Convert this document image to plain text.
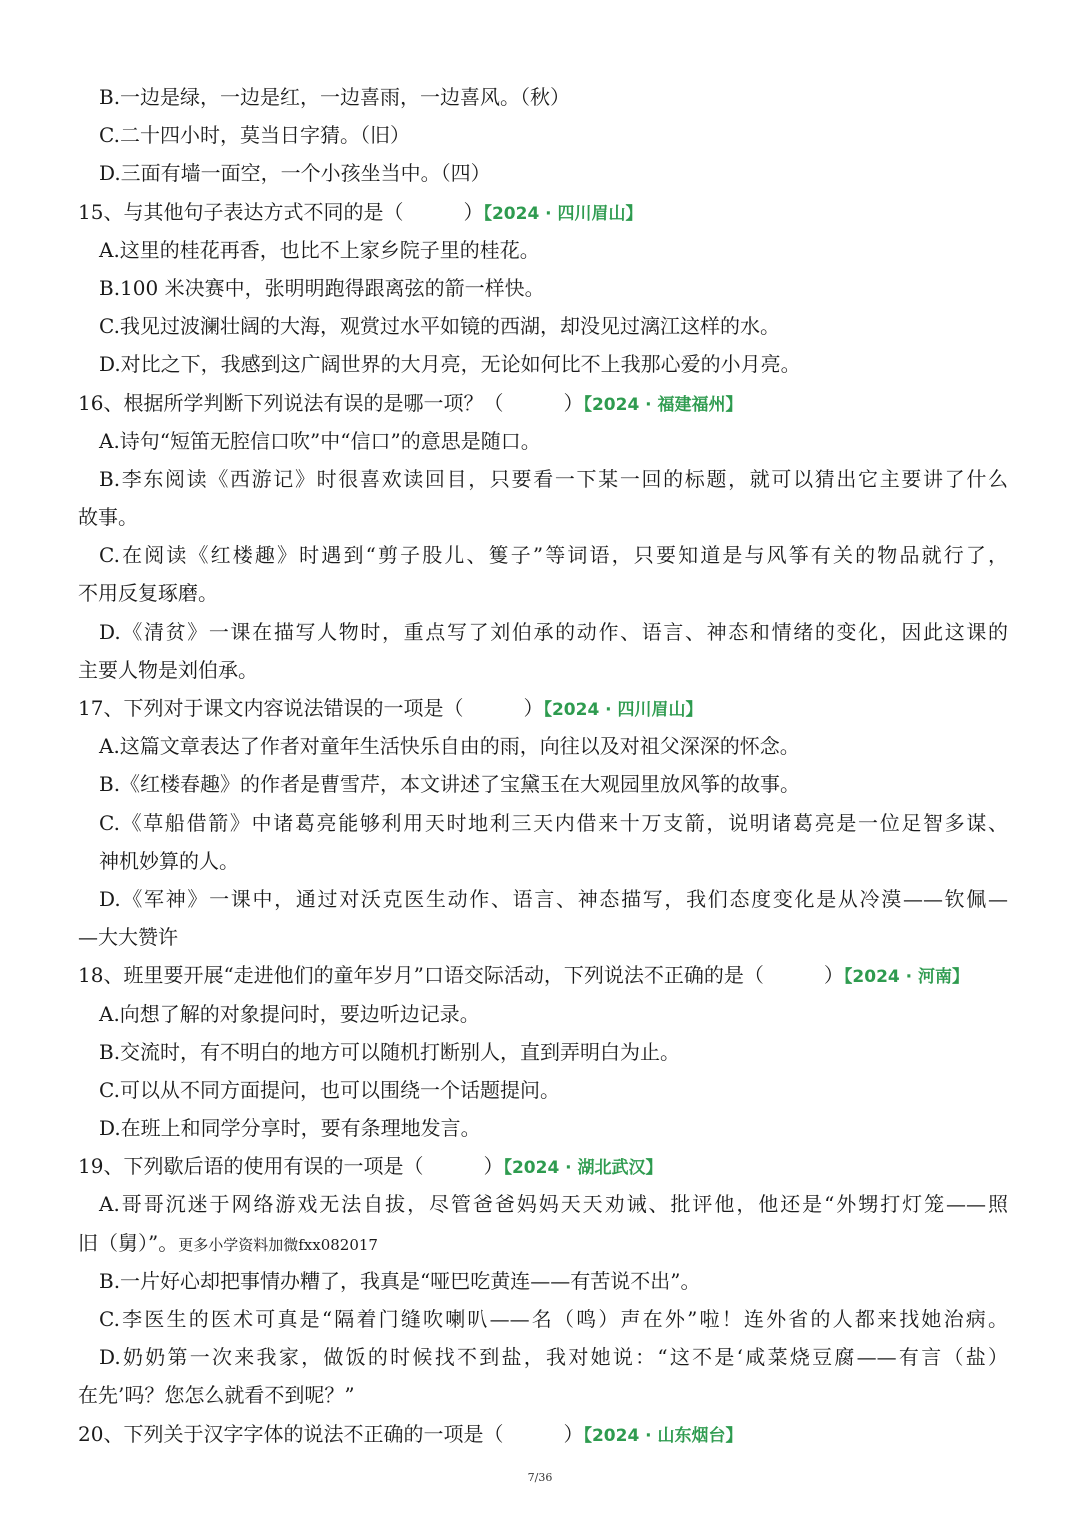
B.一边是绿，一边是红，一边喜雨，一边喜风。（秋）
C.二十四小时，莫当日字猜。（旧）
D.三面有墙一面空，一个小孩坐当中。（四）
15、与其他句子表达方式不同的是（　　　）【2024 · 四川眉山】
A.这里的桂花再香，也比不上家乡院子里的桂花。
B.100 米决赛中，张明明跑得跟离弦的箭一样快。
C.我见过波澜壮阔的大海，观赏过水平如镜的西湖，却没见过漓江这样的水。
D.对比之下，我感到这广阔世界的大月亮，无论如何比不上我那心爱的小月亮。
16、根据所学判断下列说法有误的是哪一项？（　　　）【2024 · 福建福州】
A.诗句“短笛无腔信口吹”中“信口”的意思是随口。
B.李东阅读《西游记》时很喜欢读回目，只要看一下某一回的标题，就可以猜出它主要讲了什么
故事。
C.在阅读《红楼趣》时遇到“剪子股儿、篗子”等词语，只要知道是与风筝有关的物品就行了，
不用反复琢磨。
D.《清贫》一课在描写人物时，重点写了刘伯承的动作、语言、神态和情绪的变化，因此这课的
主要人物是刘伯承。
17、下列对于课文内容说法错误的一项是（　　　）【2024 · 四川眉山】
A.这篇文章表达了作者对童年生活快乐自由的雨，向往以及对祖父深深的怀念。
B.《红楼春趣》的作者是曹雪芹，本文讲述了宝黛玉在大观园里放风筝的故事。
C.《草船借箭》中诸葛亮能够利用天时地利三天内借来十万支箭，说明诸葛亮是一位足智多谋、
神机妙算的人。
D.《军神》一课中，通过对沃克医生动作、语言、神态描写，我们态度变化是从冷漠——钦佩—
—大大赞许
18、班里要开展“走进他们的童年岁月”口语交际活动，下列说法不正确的是（　　　）【2024 · 河南】
A.向想了解的对象提问时，要边听边记录。
B.交流时，有不明白的地方可以随机打断别人，直到弄明白为止。
C.可以从不同方面提问，也可以围绕一个话题提问。
D.在班上和同学分享时，要有条理地发言。
19、下列歇后语的使用有误的一项是（　　　）【2024 · 湖北武汉】
A.哥哥沉迷于网络游戏无法自拔，尽管爸爸妈妈天天劝诫、批评他，他还是“外甥打灯笼——照
旧（舅）”。更多小学资料加微fxx082017
B.一片好心却把事情办糟了，我真是“哑巴吃黄连——有苦说不出”。
C.李医生的医术可真是“隔着门缝吹喇叭——名（鸣）声在外”啦！连外省的人都来找她治病。
D.奶奶第一次来我家，做饭的时候找不到盐，我对她说：“这不是‘咸菜烧豆腐——有言（盐）
在先’吗？您怎么就看不到呢？”
20、下列关于汉字字体的说法不正确的一项是（　　　）【2024 · 山东烟台】
7/36
